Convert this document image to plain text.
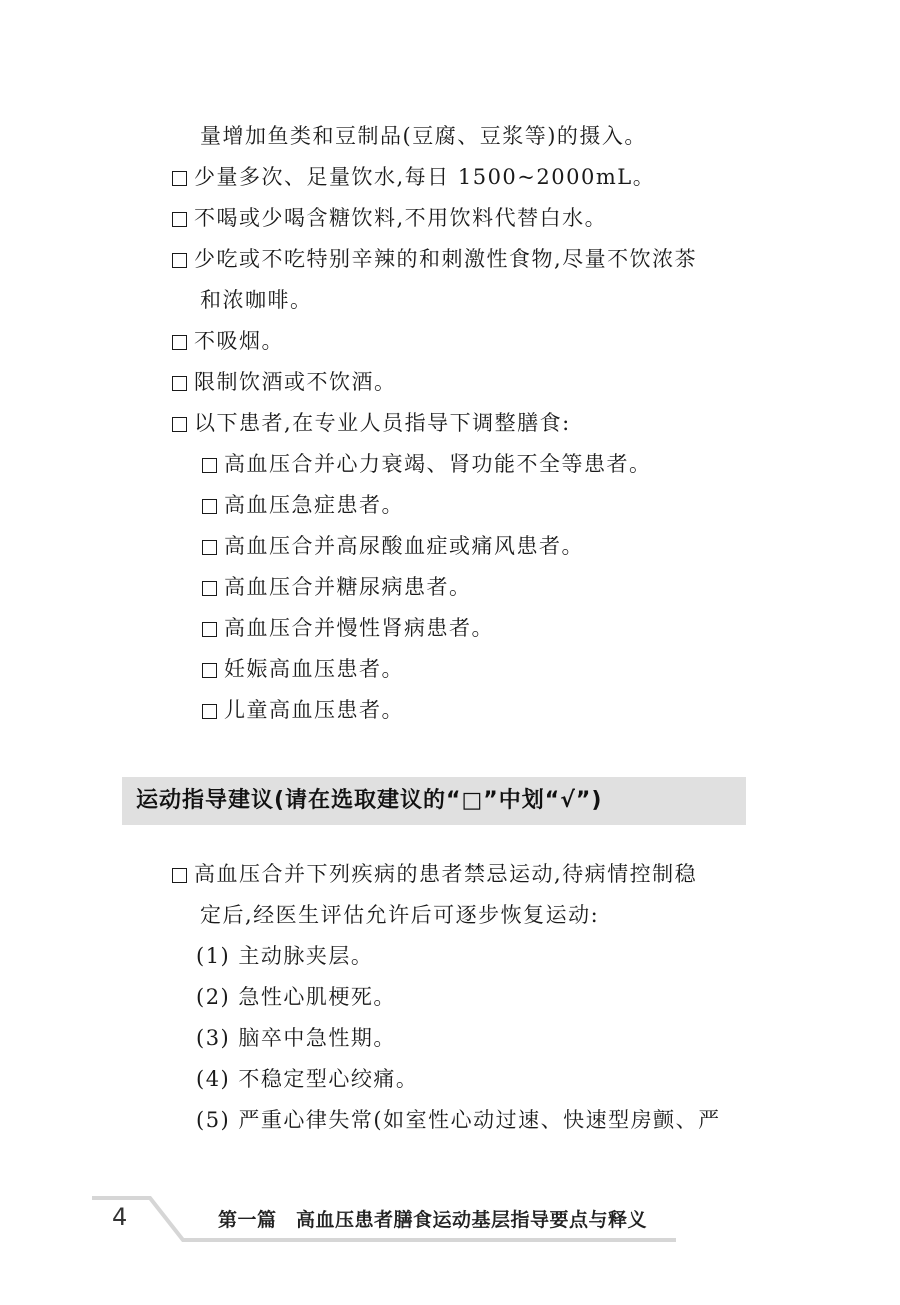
量增加鱼类和豆制品(豆腐、豆浆等)的摄入。
少量多次、足量饮水,每日 1500~2000mL。
不喝或少喝含糖饮料,不用饮料代替白水。
少吃或不吃特别辛辣的和刺激性食物,尽量不饮浓茶
和浓咖啡。
不吸烟。
限制饮酒或不饮酒。
以下患者,在专业人员指导下调整膳食:
高血压合并心力衰竭、肾功能不全等患者。
高血压急症患者。
高血压合并高尿酸血症或痛风患者。
高血压合并糖尿病患者。
高血压合并慢性肾病患者。
妊娠高血压患者。
儿童高血压患者。
运动指导建议(请在选取建议的“□”中划“√”)
高血压合并下列疾病的患者禁忌运动,待病情控制稳
定后,经医生评估允许后可逐步恢复运动:
(1) 主动脉夹层。
(2) 急性心肌梗死。
(3) 脑卒中急性期。
(4) 不稳定型心绞痛。
(5) 严重心律失常(如室性心动过速、快速型房颤、严
4	第一篇　高血压患者膳食运动基层指导要点与释义
